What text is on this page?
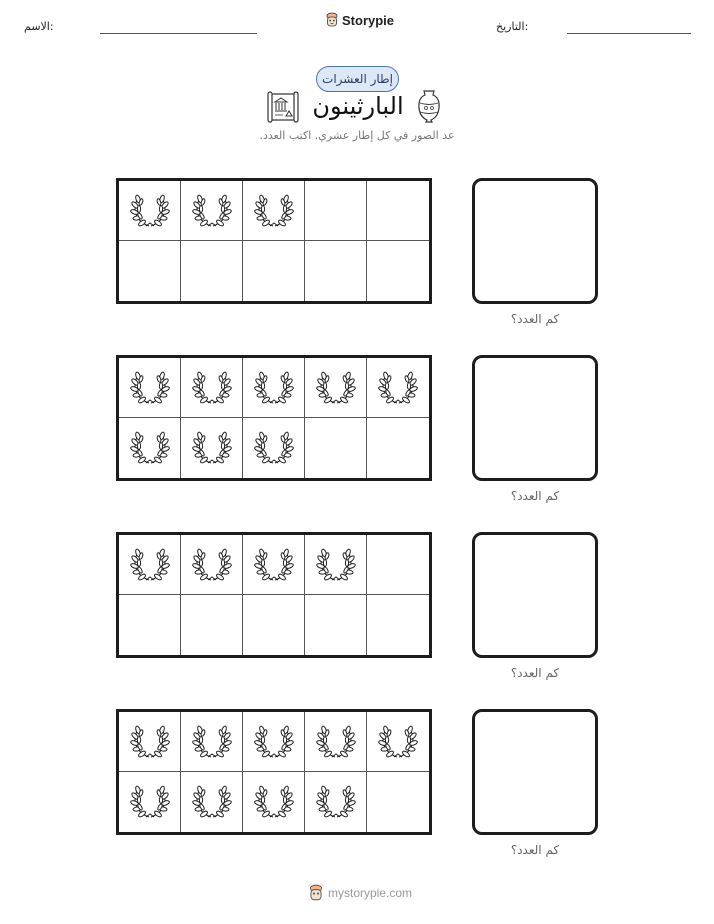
الاسم:	Storypie	التاريخ:
إطار العشرات
البارثينون
عد الصور في كل إطار عشري. اكتب العدد.
كم العدد؟
كم العدد؟
كم العدد؟
كم العدد؟
mystorypie.com
